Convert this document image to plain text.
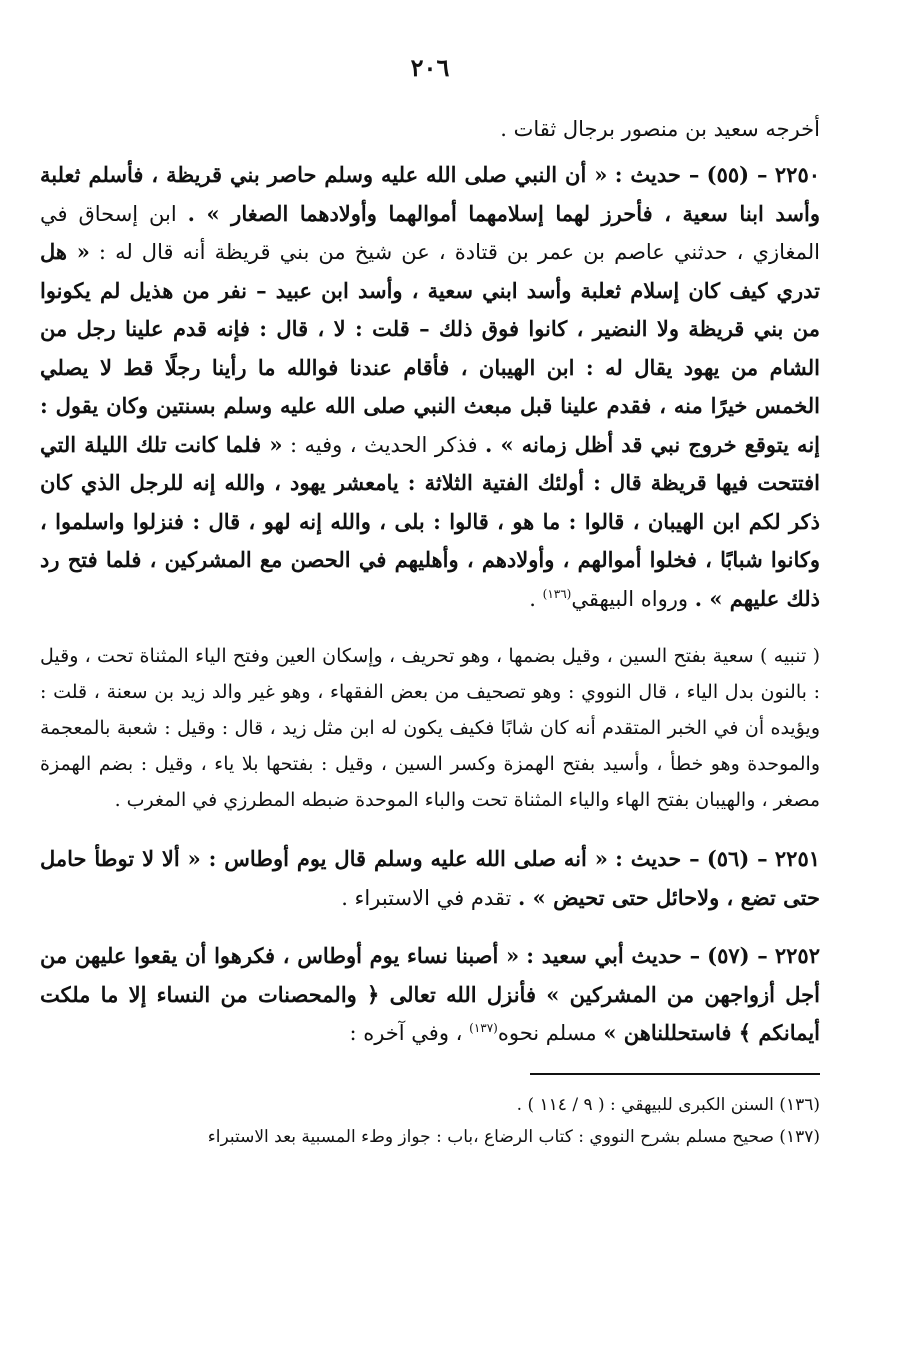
٢٠٦

أخرجه سعيد بن منصور برجال ثقات .

٢٢٥٠ – (٥٥) – حديث : « أن النبي صلى الله عليه وسلم حاصر بني قريظة ، فأسلم ثعلبة وأسد ابنا سعية ، فأحرز لهما إسلامهما أموالهما وأولادهما الصغار » . ابن إسحاق في المغازي ، حدثني عاصم بن عمر بن قتادة ، عن شيخ من بني قريظة أنه قال له : « هل تدري كيف كان إسلام ثعلبة وأسد ابني سعية ، وأسد ابن عبيد – نفر من هذيل لم يكونوا من بني قريظة ولا النضير ، كانوا فوق ذلك – قلت : لا ، قال : فإنه قدم علينا رجل من الشام من يهود يقال له : ابن الهيبان ، فأقام عندنا فوالله ما رأينا رجلًا قط لا يصلي الخمس خيرًا منه ، فقدم علينا قبل مبعث النبي صلى الله عليه وسلم بسنتين وكان يقول : إنه يتوقع خروج نبي قد أظل زمانه » . فذكر الحديث ، وفيه : « فلما كانت تلك الليلة التي افتتحت فيها قريظة قال : أولئك الفتية الثلاثة : يامعشر يهود ، والله إنه للرجل الذي كان ذكر لكم ابن الهيبان ، قالوا : ما هو ، قالوا : بلى ، والله إنه لهو ، قال : فنزلوا واسلموا ، وكانوا شبابًا ، فخلوا أموالهم ، وأولادهم ، وأهليهم في الحصن مع المشركين ، فلما فتح رد ذلك عليهم » . ورواه البيهقي$^{(١٣٦)}$ .

( تنبيه ) سعية بفتح السين ، وقيل بضمها ، وهو تحريف ، وإسكان العين وفتح الياء المثناة تحت ، وقيل : بالنون بدل الياء ، قال النووي : وهو تصحيف من بعض الفقهاء ، وهو غير والد زيد بن سعنة ، قلت : ويؤيده أن في الخبر المتقدم أنه كان شابًا فكيف يكون له ابن مثل زيد ، قال : وقيل : شعبة بالمعجمة والموحدة وهو خطأ ، وأسيد بفتح الهمزة وكسر السين ، وقيل : بفتحها بلا ياء ، وقيل : بضم الهمزة مصغر ، والهيبان بفتح الهاء والياء المثناة تحت والباء الموحدة ضبطه المطرزي في المغرب .

٢٢٥١ – (٥٦) – حديث : « أنه صلى الله عليه وسلم قال يوم أوطاس : « ألا لا توطأ حامل حتى تضع ، ولاحائل حتى تحيض » . تقدم في الاستبراء .

٢٢٥٢ – (٥٧) – حديث أبي سعيد : « أصبنا نساء يوم أوطاس ، فكرهوا أن يقعوا عليهن من أجل أزواجهن من المشركين » فأنزل الله تعالى ﴿ والمحصنات من النساء إلا ما ملكت أيمانكم ﴾ فاستحللناهن » مسلم نحوه$^{(١٣٧)}$ ، وفي آخره :

(١٣٦) السنن الكبرى للبيهقي : ( ٩ / ١١٤ ) .

(١٣٧) صحيح مسلم بشرح النووي : كتاب الرضاع ،باب : جواز وطء المسبية بعد الاستبراء
